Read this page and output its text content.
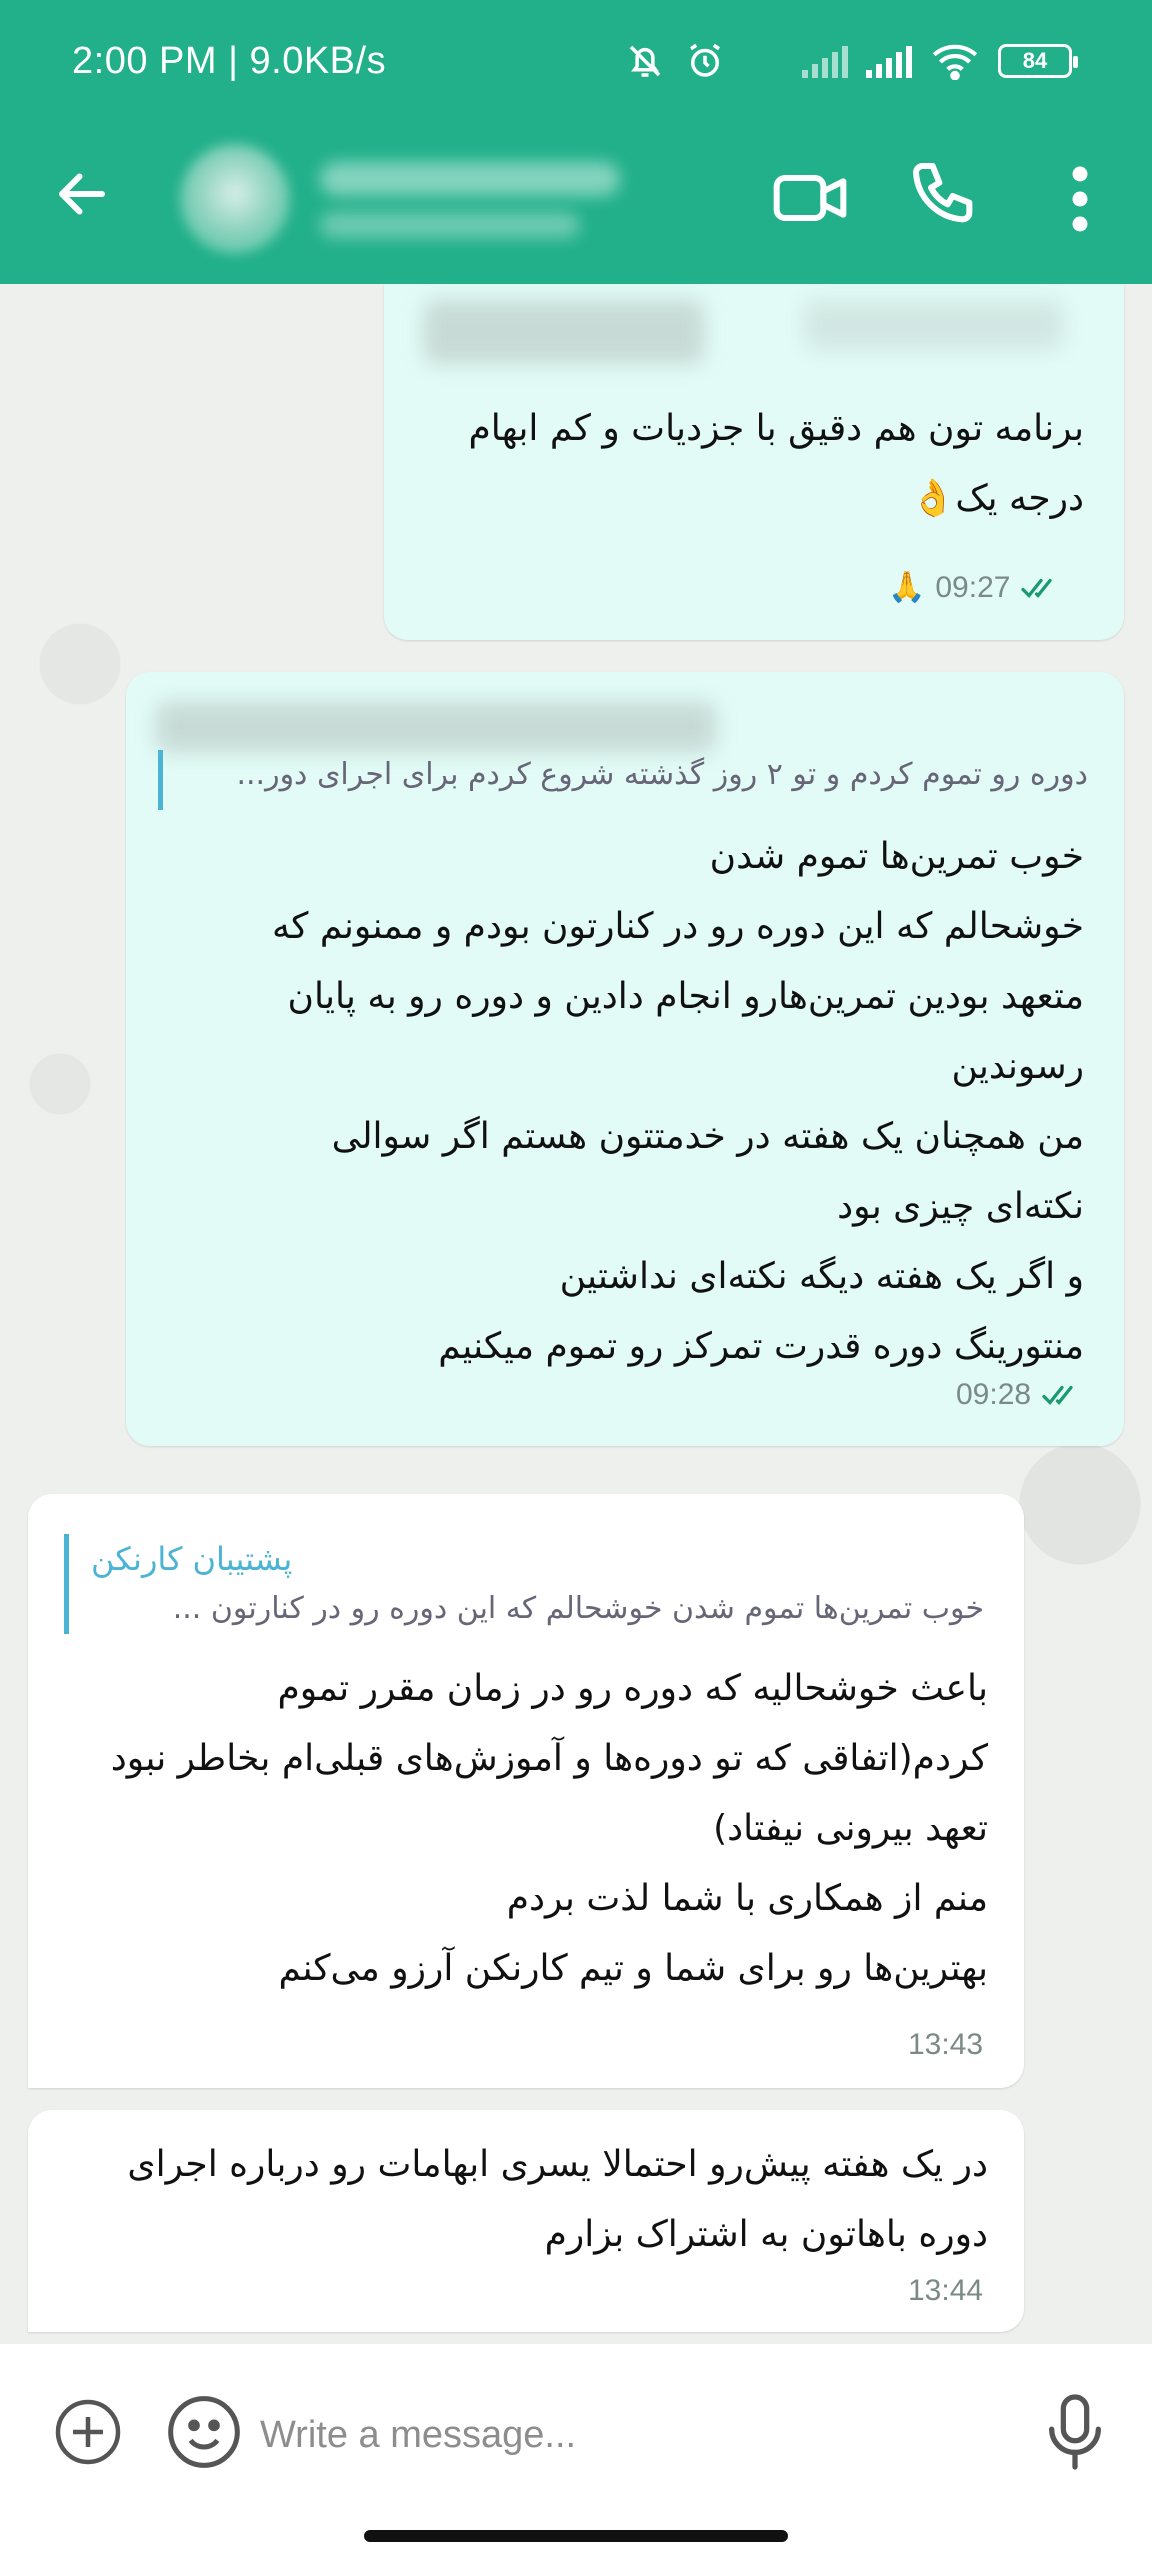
2:00 PM | 9.0KB/s	84
برنامه تون هم دقیق با جزدیات و کم ابهام
درجه یک👌
🙏 09:27
دوره رو تموم کردم و تو ۲ روز گذشته شروع کردم برای اجرای دور...
خوب تمرین‌ها تموم شدن
خوشحالم که این دوره رو در کنارتون بودم و ممنونم که
متعهد بودین تمرین‌هارو انجام دادین و دوره رو به پایان
رسوندین
من همچنان یک هفته در خدمتتون هستم اگر سوالی
نکته‌ای چیزی بود
و اگر یک هفته دیگه نکته‌ای نداشتین
منتورینگ دوره قدرت تمرکز رو تموم میکنیم
09:28
پشتیبان کارنکن
خوب تمرین‌ها تموم شدن خوشحالم که این دوره رو در کنارتون ...
باعث خوشحالیه که دوره رو در زمان مقرر تموم
کردم(اتفاقی که تو دوره‌ها و آموزش‌های قبلی‌ام بخاطر نبود
تعهد بیرونی نیفتاد)
منم از همکاری با شما لذت بردم
بهترین‌ها رو برای شما و تیم کارنکن آرزو می‌کنم
13:43
در یک هفته پیش‌رو احتمالا یسری ابهامات رو درباره اجرای
دوره باهاتون به اشتراک بزارم
13:44
Write a message...
